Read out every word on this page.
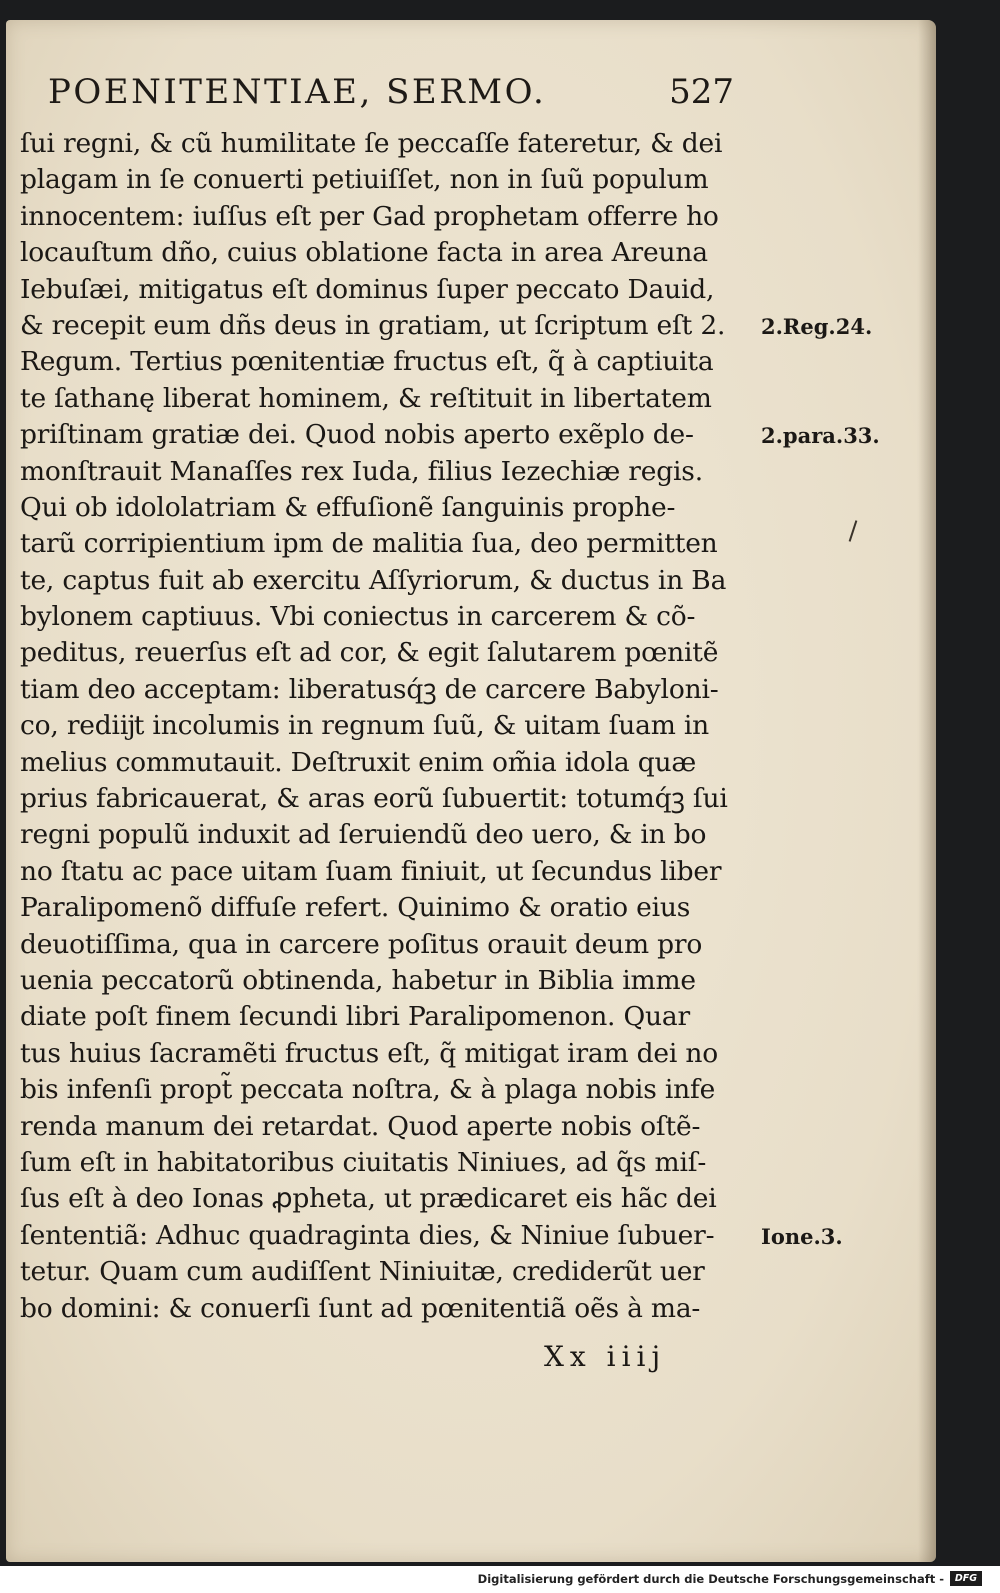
POENITENTIAE, SERMO.	527
ſui regni, & cũ humilitate ſe peccaſſe fateretur, & dei
plagam in ſe conuerti petiuiſſet, non in ſuũ populum
innocentem: iuſſus eſt per Gad prophetam offerre ho
locauſtum dño, cuius oblatione facta in area Areuna
Iebuſæi, mitigatus eſt dominus ſuper peccato Dauid,
& recepit eum dñs deus in gratiam, ut ſcriptum eſt 2.
Regum. Tertius pœnitentiæ fructus eſt, q̃ à captiuita
te ſathanę liberat hominem, & reſtituit in libertatem
priſtinam gratiæ dei. Quod nobis aperto exẽplo de-
monſtrauit Manaſſes rex Iuda, filius Iezechiæ regis.
Qui ob idololatriam & effuſionẽ ſanguinis prophe-
tarũ corripientium ipm de malitia ſua, deo permitten
te, captus fuit ab exercitu Aſſyriorum, & ductus in Ba
bylonem captiuus. Vbi coniectus in carcerem & cõ-
peditus, reuerſus eſt ad cor, & egit ſalutarem pœnitẽ
tiam deo acceptam: liberatusq́ꝫ de carcere Babyloni-
co, rediĳt incolumis in regnum ſuũ, & uitam ſuam in
melius commutauit. Deſtruxit enim om̃ia idola quæ
prius fabricauerat, & aras eorũ ſubuertit: totumq́ꝫ ſui
regni populũ induxit ad ſeruiendũ deo uero, & in bo
no ſtatu ac pace uitam ſuam finiuit, ut ſecundus liber
Paralipomenõ diffuſe refert. Quinimo & oratio eius
deuotiſſima, qua in carcere poſitus orauit deum pro
uenia peccatorũ obtinenda, habetur in Biblia imme
diate poſt finem ſecundi libri Paralipomenon. Quar
tus huius ſacramẽti fructus eſt, q̃ mitigat iram dei no
bis infenſi propt̃ peccata noſtra, & à plaga nobis infe
renda manum dei retardat. Quod aperte nobis oſtẽ-
ſum eſt in habitatoribus ciuitatis Niniues, ad q̃s miſ-
ſus eſt à deo Ionas ꝓpheta, ut prædicaret eis hãc dei
ſententiã: Adhuc quadraginta dies, & Niniue ſubuer-
tetur. Quam cum audiſſent Niniuitæ, crediderũt uer
bo domini: & conuerſi ſunt ad pœnitentiã oẽs à ma-
2.Reg.24.
2.para.33.
Ione.3.
Xx iiij
Digitalisierung gefördert durch die Deutsche Forschungsgemeinschaft -	DFG
